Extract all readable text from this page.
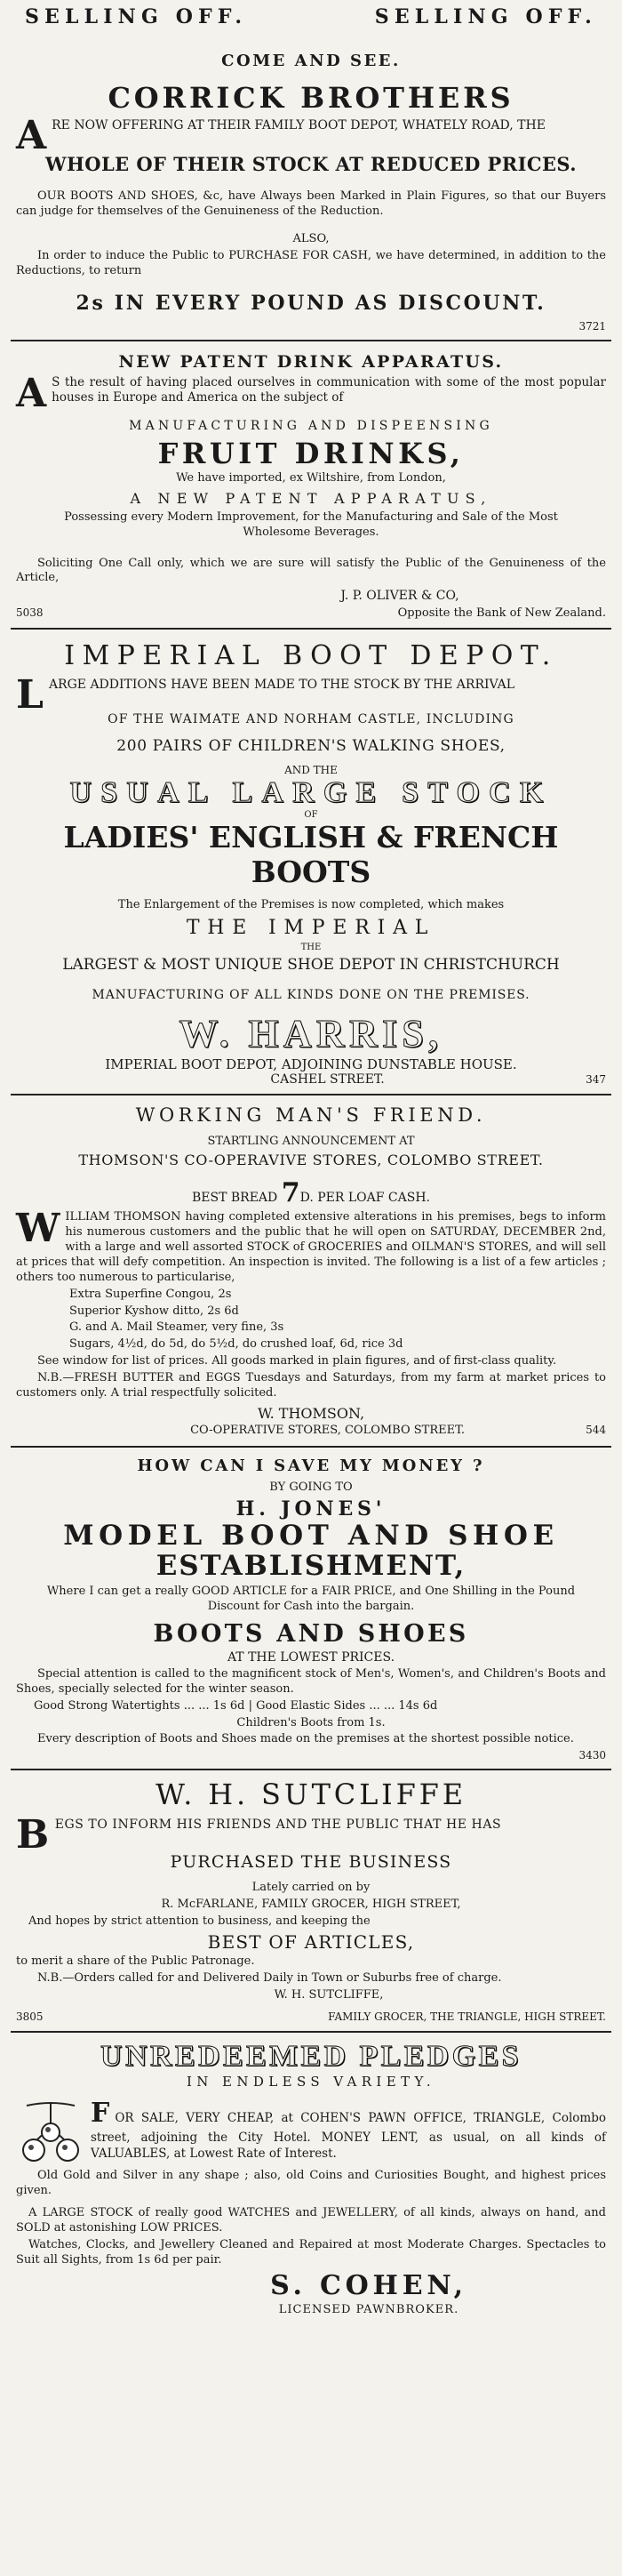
SELLING OFF.	SELLING OFF.
COME AND SEE.
CORRICK BROTHERS
A RE NOW OFFERING AT THEIR FAMILY BOOT DEPOT, WHATELY ROAD, THE
WHOLE OF THEIR STOCK AT REDUCED PRICES.
OUR BOOTS AND SHOES, &c, have Always been Marked in Plain Figures, so that our Buyers can judge for themselves of the Genuineness of the Reduction.
ALSO,
In order to induce the Public to PURCHASE FOR CASH, we have determined, in addition to the Reductions, to return
2s IN EVERY POUND AS DISCOUNT.
3721
NEW PATENT DRINK APPARATUS.
A S the result of having placed ourselves in communication with some of the most popular houses in Europe and America on the subject of
MANUFACTURING AND DISPEENSING
FRUIT DRINKS,
We have imported, ex Wiltshire, from London,
A NEW PATENT APPARATUS,
Possessing every Modern Improvement, for the Manufacturing and Sale of the Most Wholesome Beverages.
Soliciting One Call only, which we are sure will satisfy the Public of the Genuineness of the Article,
J. P. OLIVER & CO,
5038	Opposite the Bank of New Zealand.
IMPERIAL BOOT DEPOT.
L ARGE ADDITIONS HAVE BEEN MADE TO THE STOCK BY THE ARRIVAL
OF THE WAIMATE AND NORHAM CASTLE, INCLUDING
200 PAIRS OF CHILDREN'S WALKING SHOES,
AND THE
USUAL LARGE STOCK
OF
LADIES' ENGLISH & FRENCH BOOTS
The Enlargement of the Premises is now completed, which makes
THE IMPERIAL
THE
LARGEST & MOST UNIQUE SHOE DEPOT IN CHRISTCHURCH
MANUFACTURING OF ALL KINDS DONE ON THE PREMISES.
W. HARRIS,
IMPERIAL BOOT DEPOT, ADJOINING DUNSTABLE HOUSE.
CASHEL STREET.	347
WORKING MAN'S FRIEND.
STARTLING ANNOUNCEMENT AT
THOMSON'S CO-OPERAVIVE STORES, COLOMBO STREET.
BEST BREAD 7D. PER LOAF CASH.
W ILLIAM THOMSON having completed extensive alterations in his premises, begs to inform his numerous customers and the public that he will open on SATURDAY, DECEMBER 2nd, with a large and well assorted STOCK of GROCERIES and OILMAN'S STORES, and will sell at prices that will defy competition. An inspection is invited. The following is a list of a few articles ; others too numerous to particularise,
Extra Superfine Congou, 2s
Superior Kyshow ditto, 2s 6d
G. and A. Mail Steamer, very fine, 3s
Sugars, 4½d, do 5d, do 5½d, do crushed loaf, 6d, rice 3d
See window for list of prices. All goods marked in plain figures, and of first-class quality.
N.B.—FRESH BUTTER and EGGS Tuesdays and Saturdays, from my farm at market prices to customers only. A trial respectfully solicited.
W. THOMSON,
CO-OPERATIVE STORES, COLOMBO STREET.	544
HOW CAN I SAVE MY MONEY ?
BY GOING TO
H. JONES'
MODEL BOOT AND SHOE
ESTABLISHMENT,
Where I can get a really GOOD ARTICLE for a FAIR PRICE, and One Shilling in the Pound Discount for Cash into the bargain.
BOOTS AND SHOES
AT THE LOWEST PRICES.
Special attention is called to the magnificent stock of Men's, Women's, and Children's Boots and Shoes, specially selected for the winter season.
Good Strong Watertights ... ... 1s 6d | Good Elastic Sides ... ... 14s 6d
Children's Boots from 1s.
Every description of Boots and Shoes made on the premises at the shortest possible notice.
3430
W. H. SUTCLIFFE
B EGS TO INFORM HIS FRIENDS AND THE PUBLIC THAT HE HAS
PURCHASED THE BUSINESS
Lately carried on by
R. McFARLANE, FAMILY GROCER, HIGH STREET,
And hopes by strict attention to business, and keeping the
BEST OF ARTICLES,
to merit a share of the Public Patronage.
N.B.—Orders called for and Delivered Daily in Town or Suburbs free of charge.
W. H. SUTCLIFFE,
3805	FAMILY GROCER, THE TRIANGLE, HIGH STREET.
UNREDEEMED PLEDGES
IN ENDLESS VARIETY.
FOR SALE, VERY CHEAP, at COHEN'S PAWN OFFICE, TRIANGLE, Colombo street, adjoining the City Hotel. MONEY LENT, as usual, on all kinds of VALUABLES, at Lowest Rate of Interest.
Old Gold and Silver in any shape ; also, old Coins and Curiosities Bought, and highest prices given.
A LARGE STOCK of really good WATCHES and JEWELLERY, of all kinds, always on hand, and SOLD at astonishing LOW PRICES.
Watches, Clocks, and Jewellery Cleaned and Repaired at most Moderate Charges. Spectacles to Suit all Sights, from 1s 6d per pair.
S. COHEN,
LICENSED PAWNBROKER.
